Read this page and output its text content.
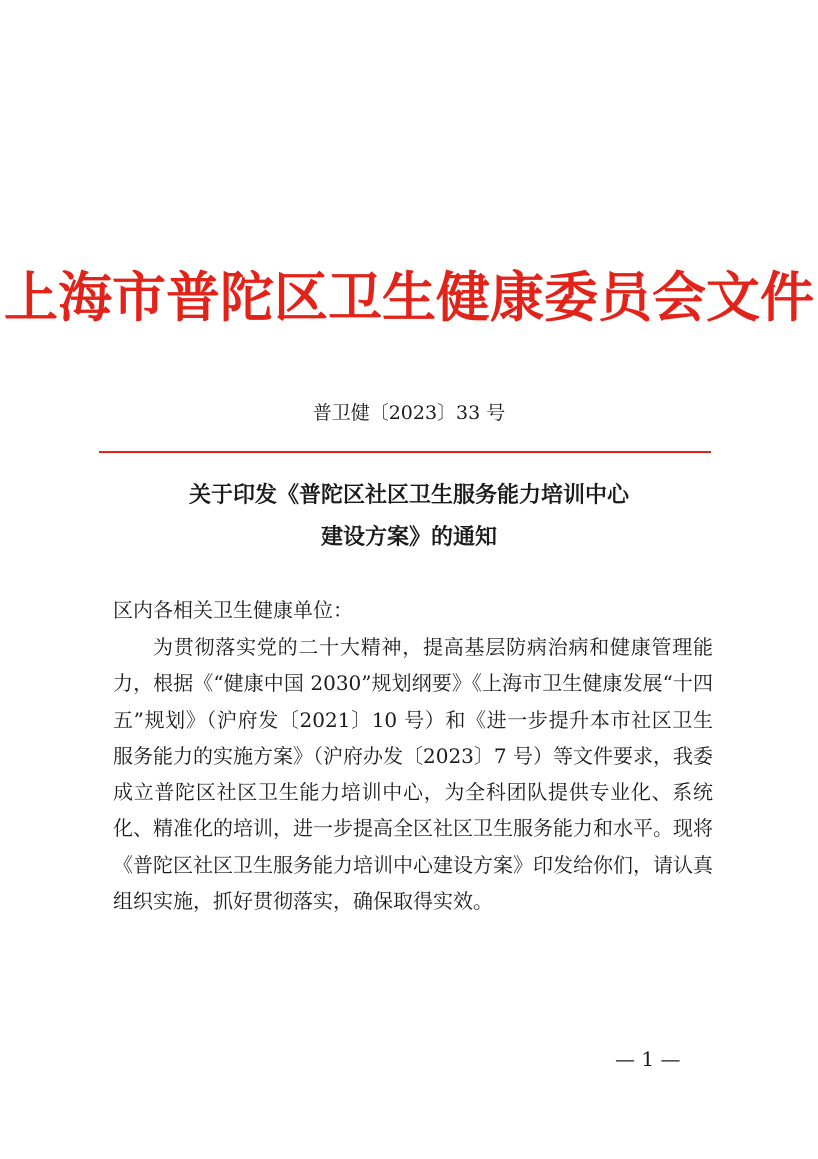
上海市普陀区卫生健康委员会文件
普卫健〔2023〕33 号
关于印发《普陀区社区卫生服务能力培训中心
建设方案》的通知
区内各相关卫生健康单位：

为贯彻落实党的二十大精神，提高基层防病治病和健康管理能力，根据《“健康中国 2030”规划纲要》《上海市卫生健康发展“十四五”规划》（沪府发〔2021〕10 号）和《进一步提升本市社区卫生服务能力的实施方案》（沪府办发〔2023〕7 号）等文件要求，我委成立普陀区社区卫生能力培训中心，为全科团队提供专业化、系统化、精准化的培训，进一步提高全区社区卫生服务能力和水平。现将《普陀区社区卫生服务能力培训中心建设方案》印发给你们，请认真组织实施，抓好贯彻落实，确保取得实效。

— 1 —
